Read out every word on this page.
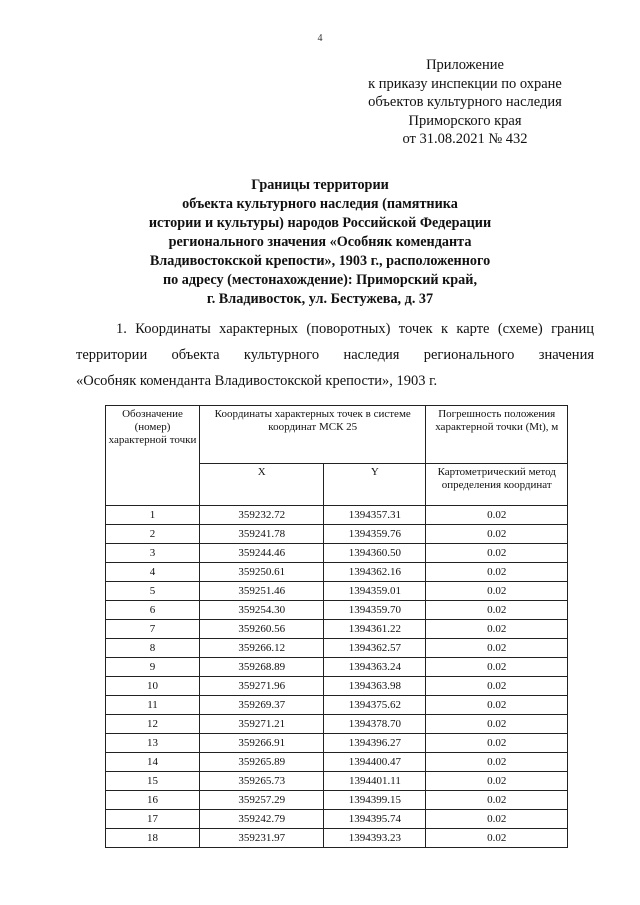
4
Приложение
к приказу инспекции по охране
объектов культурного наследия
Приморского края
от 31.08.2021 № 432
Границы территории
объекта культурного наследия (памятника
истории и культуры) народов Российской Федерации
регионального значения «Особняк коменданта
Владивостокской крепости», 1903 г., расположенного
по адресу (местонахождение): Приморский край,
г. Владивосток, ул. Бестужева, д. 37
1. Координаты характерных (поворотных) точек к карте (схеме) границ
территории объекта культурного наследия регионального значения
«Особняк коменданта Владивостокской крепости», 1903 г.
Обозначение (номер) характерной точки	Координаты характерных точек в системе координат МСК 25		Погрешность положения характерной точки (Mt), м
	X	Y	Картометрический метод определения координат
1	359232.72	1394357.31	0.02
2	359241.78	1394359.76	0.02
3	359244.46	1394360.50	0.02
4	359250.61	1394362.16	0.02
5	359251.46	1394359.01	0.02
6	359254.30	1394359.70	0.02
7	359260.56	1394361.22	0.02
8	359266.12	1394362.57	0.02
9	359268.89	1394363.24	0.02
10	359271.96	1394363.98	0.02
11	359269.37	1394375.62	0.02
12	359271.21	1394378.70	0.02
13	359266.91	1394396.27	0.02
14	359265.89	1394400.47	0.02
15	359265.73	1394401.11	0.02
16	359257.29	1394399.15	0.02
17	359242.79	1394395.74	0.02
18	359231.97	1394393.23	0.02
